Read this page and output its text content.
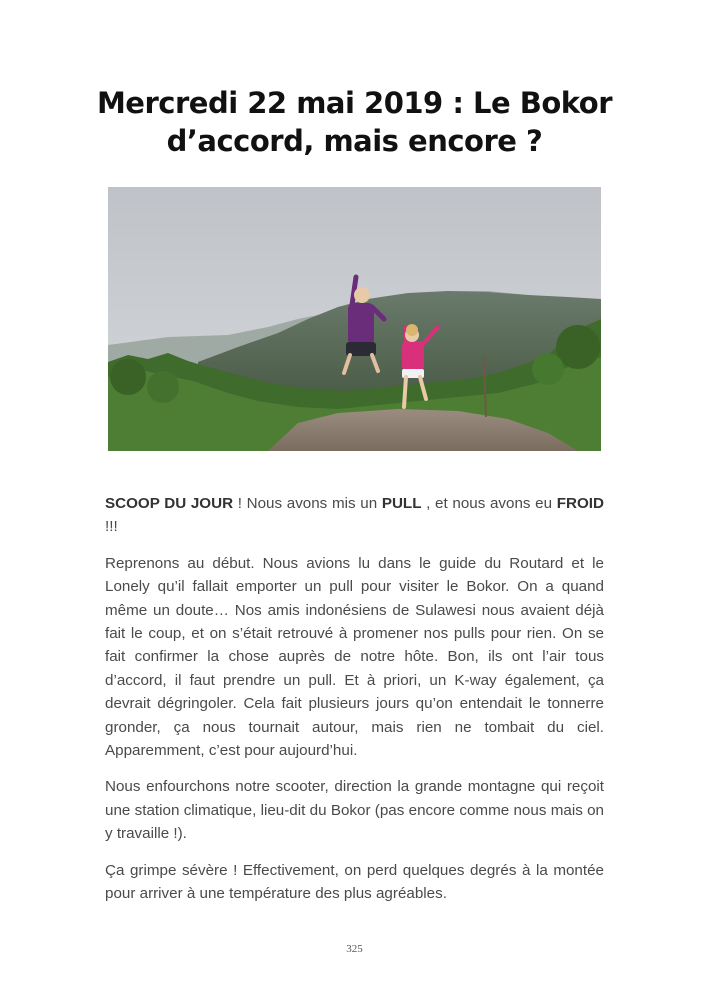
Mercredi 22 mai 2019 : Le Bokor
d’accord, mais encore ?

SCOOP DU JOUR ! Nous avons mis un PULL , et nous avons eu FROID !!!

Reprenons au début. Nous avions lu dans le guide du Routard et le Lonely qu’il fallait emporter un pull pour visiter le Bokor. On a quand même un doute… Nos amis indonésiens de Sulawesi nous avaient déjà fait le coup, et on s’était retrouvé à promener nos pulls pour rien. On se fait confirmer la chose auprès de notre hôte. Bon, ils ont l’air tous d’accord, il faut prendre un pull. Et à priori, un K-way également, ça devrait dégringoler. Cela fait plusieurs jours qu’on entendait le tonnerre gronder, ça nous tournait autour, mais rien ne tombait du ciel. Apparemment, c’est pour aujourd’hui.

Nous enfourchons notre scooter, direction la grande montagne qui reçoit une station climatique, lieu-dit du Bokor (pas encore comme nous mais on y travaille !).

Ça grimpe sévère ! Effectivement, on perd quelques degrés à la montée pour arriver à une température des plus agréables.

325
